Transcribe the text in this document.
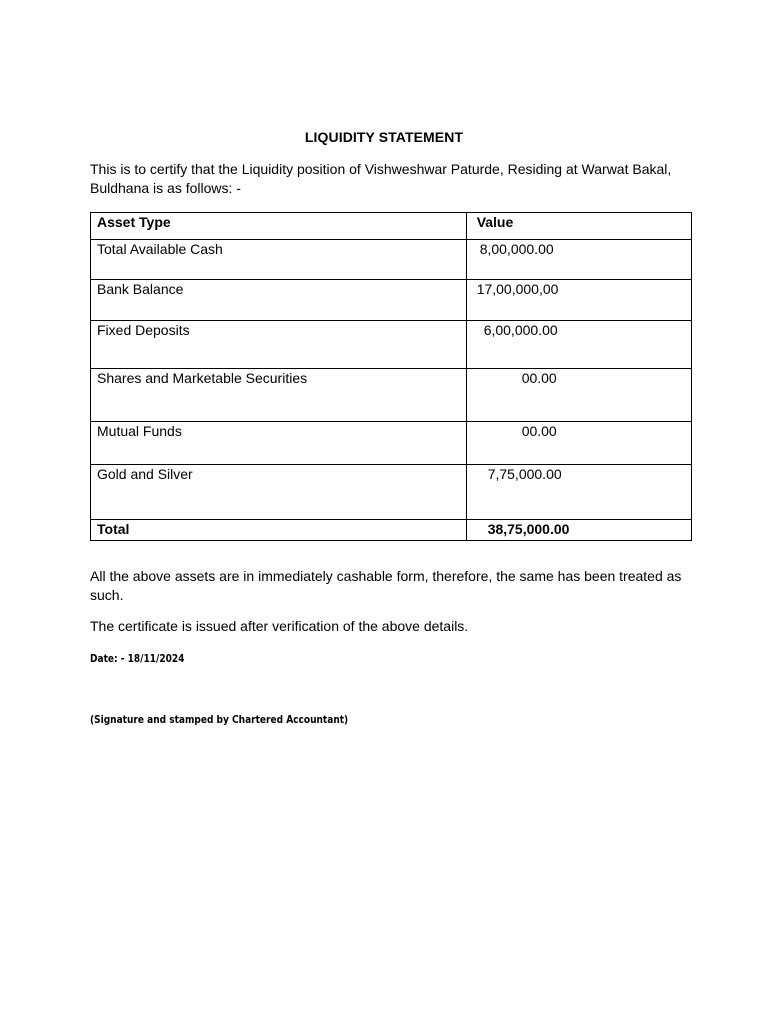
LIQUIDITY STATEMENT
This is to certify that the Liquidity position of Vishweshwar Paturde, Residing at Warwat Bakal, Buldhana is as follows: -
Asset Type	Value
Total Available Cash	8,00,000.00
Bank Balance	17,00,000,00
Fixed Deposits	6,00,000.00
Shares and Marketable Securities	00.00
Mutual Funds	00.00
Gold and Silver	7,75,000.00
Total	38,75,000.00
All the above assets are in immediately cashable form, therefore, the same has been treated as such.
The certificate is issued after verification of the above details.
Date: - 18/11/2024
(Signature and stamped by Chartered Accountant)
